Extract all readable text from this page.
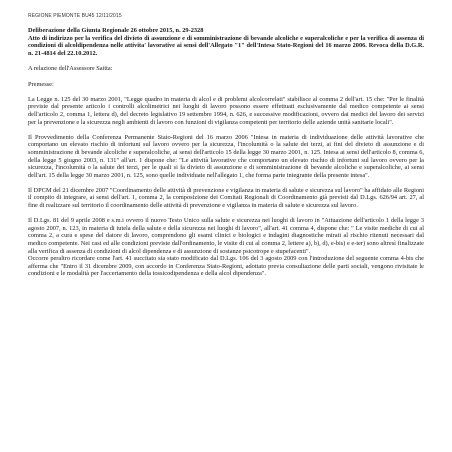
REGIONE PIEMONTE BU45 12/11/2015
Deliberazione della Giunta Regionale 26 ottobre 2015, n. 29-2328
Atto di indirizzo per la verifica del divieto di assunzione e di somministrazione di bevande alcoliche e superalcoliche e per la verifica di assenza di condizioni di alcoldipendenza nelle attivita' lavorative ai sensi dell'Allegato "1" dell'Intesa Stato-Regioni del 16 marzo 2006. Revoca della D.G.R. n. 21-4814 del 22.10.2012.

A relazione dell'Assessore Saitta:

Premesse:

La Legge n. 125 del 30 marzo 2001, "Legge quadro in materia di alcol e di problemi alcolcorrelati" stabilisce al comma 2 dell'art. 15 che: "Per le finalità previste dal presente articolo i controlli alcolimetrici nei luoghi di lavoro possono essere effettuati esclusivamente dal medico competente ai sensi dell'articolo 2, comma 1, lettera d), del decreto legislativo 19 settembre 1994, n. 626, e successive modificazioni, ovvero dai medici del lavoro dei servizi per la prevenzione e la sicurezza negli ambienti di lavoro con funzioni di vigilanza competenti per territorio delle aziende unità sanitarie locali".

Il Provvedimento della Conferenza Permanente Stato-Regioni del 16 marzo 2006 "Intesa in materia di individuazione delle attività lavorative che comportano un elevato rischio di infortuni sul lavoro ovvero per la sicurezza, l'incolumità o la salute dei terzi, ai fini del divieto di assunzione e di somministrazione di bevande alcoliche e superalcoliche, ai sensi dell'articolo 15 della legge 30 marzo 2001, n. 125. Intesa ai sensi dell'articolo 8, comma 6, della legge 5 giugno 2003, n. 131" all'art. 1 dispone che: "Le attività lavorative che comportano un elevato rischio di infortuni sul lavoro ovvero per la sicurezza, l'incolumità o la salute dei terzi, per le quali si fa divieto di assunzione e di somministrazione di bevande alcoliche e superalcoliche, ai sensi dell'art. 15 della legge 30 marzo 2001, n. 125, sono quelle individuate nell'allegato 1, che forma parte integrante della presente intesa".

Il DPCM del 21 dicembre 2007 "Coordinamento delle attività di prevenzione e vigilanza in materia di salute e sicurezza sul lavoro" ha affidato alle Regioni il compito di integrare, ai sensi dell'art. 1, comma 2, la composizione dei Comitati Regionali di Coordinamento già previsti dal D.Lgs. 626/94 art. 27, al fine di realizzare sul territorio il coordinamento delle attività di prevenzione e vigilanza in materia di salute e sicurezza sul lavoro.

Il D.Lgs. 81 del 9 aprile 2008 e s.m.i ovvero il nuovo Testo Unico sulla salute e sicurezza nei luoghi di lavoro in "Attuazione dell'articolo 1 della legge 3 agosto 2007, n. 123, in materia di tutela della salute e della sicurezza nei luoghi di lavoro", all'art. 41 comma 4, dispone che: " Le visite mediche di cui al comma 2, a cura e spese del datore di lavoro, comprendono gli esami clinici e biologici e indagini diagnostiche mirati al rischio ritenuti necessari dal medico competente. Nei casi ed alle condizioni previste dall'ordinamento, le visite di cui al comma 2, lettere a), b), d), e-bis) e e-ter) sono altresì finalizzate alla verifica di assenza di condizioni di alcol dipendenza e di assunzione di sostanze psicotrope e stupefacenti".

Occorre peraltro ricordare come l'art. 41 succitato sia stato modificato dal D.Lgs. 106 del 3 agosto 2009 con l'introduzione del seguente comma 4-bis che afferma che "Entro il 31 dicembre 2009, con accordo in Conferenza Stato-Regioni, adottato previa consultazione delle parti sociali, vengono rivisitate le condizioni e le modalità per l'accertamento della tossicodipendenza e della alcol dipendenza".
